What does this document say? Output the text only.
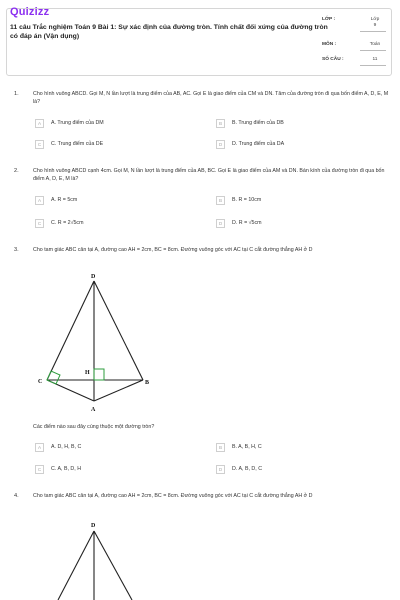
Quizizz
11 câu Trắc nghiệm Toán 9 Bài 1: Sự xác định của đường tròn. Tính chất đối xứng của đường tròn có đáp án (Vận dụng)
LỚP :	Lớp 9
MÔN :	Toán
SỐ CÂU :	11
1.	Cho hình vuông ABCD. Gọi M, N lần lượt là trung điểm của AB, AC. Gọi E là giao điểm của CM và DN. Tâm của đường tròn đi qua bốn điểm A, D, E, M là?
A	A. Trung điểm của DM	B	B. Trung điểm của DB
C	C. Trung điểm của DE	D	D. Trung điểm của DA
2.	Cho hình vuông ABCD cạnh 4cm. Gọi M, N lần lượt là trung điểm của AB, BC. Gọi E là giao điểm của AM và DN. Bán kính của đường tròn đi qua bốn điểm A, D, E, M là?
A	A. R = 5cm	B	B. R = 10cm
C	C. R = 2√5cm	D	D. R = √5cm
3.	Cho tam giác ABC cân tại A, đường cao AH = 2cm, BC = 8cm. Đường vuông góc với AC tại C cắt đường thẳng AH ở D
D
H
C	B
A
Các điểm nào sau đây cùng thuộc một đường tròn?
A	A. D, H, B, C	B	B. A, B, H, C
C	C. A, B, D, H	D	D. A, B, D, C
4.	Cho tam giác ABC cân tại A, đường cao AH = 2cm, BC = 8cm. Đường vuông góc với AC tại C cắt đường thẳng AH ở D
D
